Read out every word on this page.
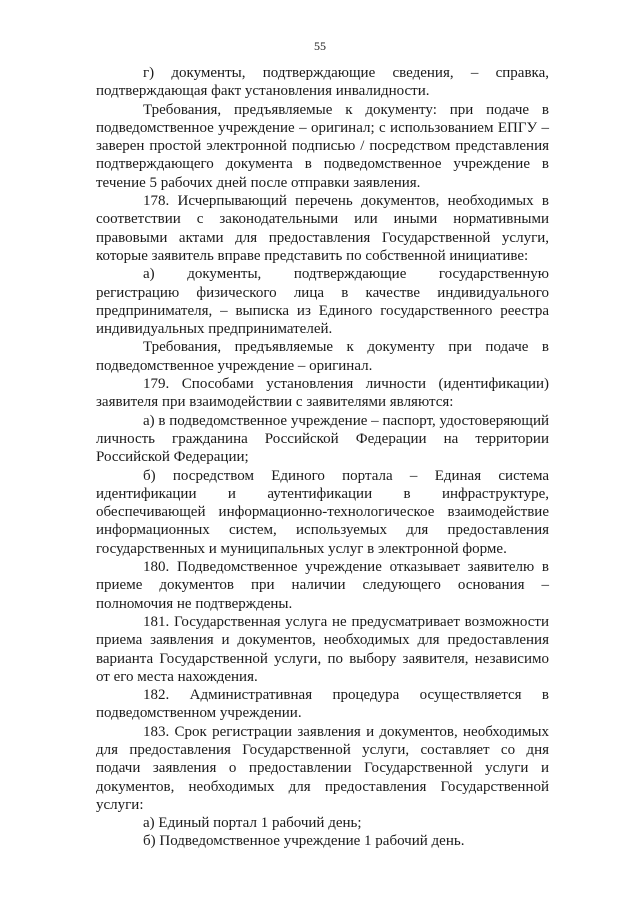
55

г) документы, подтверждающие сведения, – справка, подтверждающая факт установления инвалидности.

Требования, предъявляемые к документу: при подаче в подведомственное учреждение – оригинал; с использованием ЕПГУ – заверен простой электронной подписью / посредством представления подтверждающего документа в подведомственное учреждение в течение 5 рабочих дней после отправки заявления.

178. Исчерпывающий перечень документов, необходимых в соответствии с законодательными или иными нормативными правовыми актами для предоставления Государственной услуги, которые заявитель вправе представить по собственной инициативе:

а) документы, подтверждающие государственную регистрацию физического лица в качестве индивидуального предпринимателя, – выписка из Единого государственного реестра индивидуальных предпринимателей.

Требования, предъявляемые к документу при подаче в подведомственное учреждение – оригинал.

179. Способами установления личности (идентификации) заявителя при взаимодействии с заявителями являются:

а) в подведомственное учреждение – паспорт, удостоверяющий личность гражданина Российской Федерации на территории Российской Федерации;

б) посредством Единого портала – Единая система идентификации и аутентификации в инфраструктуре, обеспечивающей информационно-технологическое взаимодействие информационных систем, используемых для предоставления государственных и муниципальных услуг в электронной форме.

180. Подведомственное учреждение отказывает заявителю в приеме документов при наличии следующего основания – полномочия не подтверждены.

181. Государственная услуга не предусматривает возможности приема заявления и документов, необходимых для предоставления варианта Государственной услуги, по выбору заявителя, независимо от его места нахождения.

182. Административная процедура осуществляется в подведомственном учреждении.

183. Срок регистрации заявления и документов, необходимых для предоставления Государственной услуги, составляет со дня подачи заявления о предоставлении Государственной услуги и документов, необходимых для предоставления Государственной услуги:

а) Единый портал 1 рабочий день;

б) Подведомственное учреждение 1 рабочий день.
